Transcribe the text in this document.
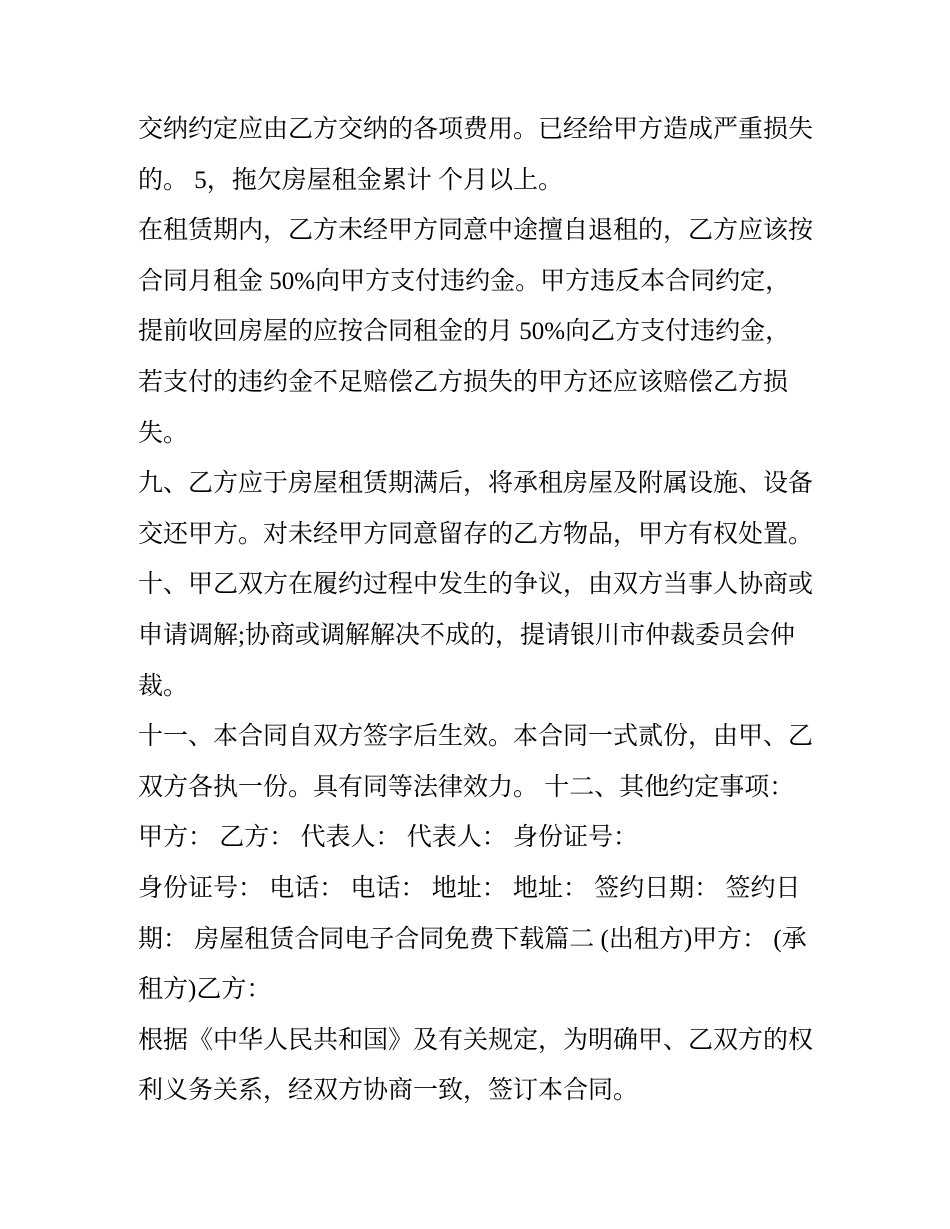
交纳约定应由乙方交纳的各项费用。已经给甲方造成严重损失

的。 5，拖欠房屋租金累计 个月以上。

在租赁期内，乙方未经甲方同意中途擅自退租的，乙方应该按

合同月租金 50%向甲方支付违约金。甲方违反本合同约定，

提前收回房屋的应按合同租金的月 50%向乙方支付违约金，

若支付的违约金不足赔偿乙方损失的甲方还应该赔偿乙方损

失。

九、乙方应于房屋租赁期满后，将承租房屋及附属设施、设备

交还甲方。对未经甲方同意留存的乙方物品，甲方有权处置。

十、甲乙双方在履约过程中发生的争议，由双方当事人协商或

申请调解;协商或调解解决不成的，提请银川市仲裁委员会仲

裁。

十一、本合同自双方签字后生效。本合同一式贰份，由甲、乙

双方各执一份。具有同等法律效力。 十二、其他约定事项：

甲方： 乙方： 代表人： 代表人： 身份证号：

身份证号： 电话： 电话： 地址： 地址： 签约日期： 签约日

期： 房屋租赁合同电子合同免费下载篇二 (出租方)甲方： (承

租方)乙方：

根据《中华人民共和国》及有关规定，为明确甲、乙双方的权

利义务关系，经双方协商一致，签订本合同。
